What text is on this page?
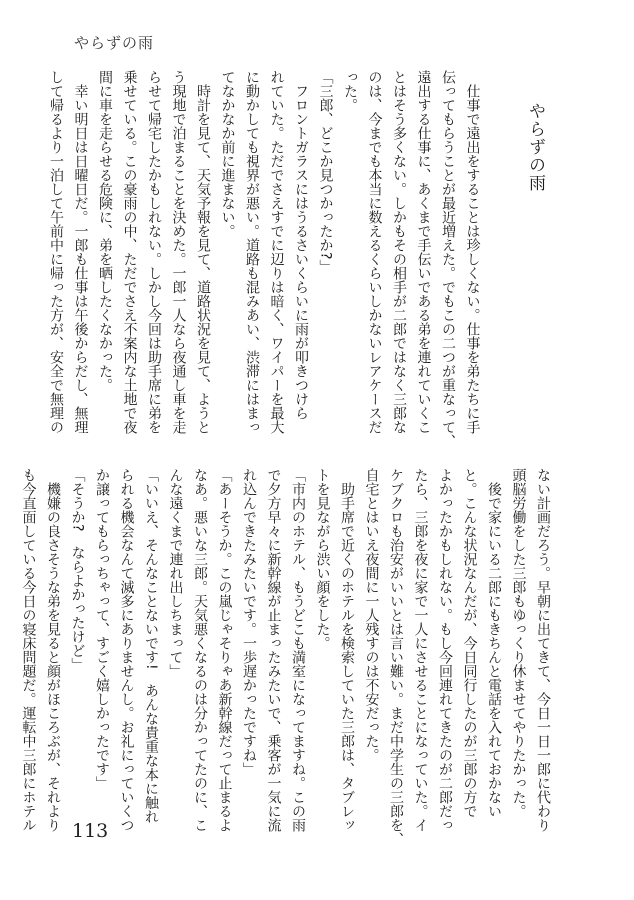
やらずの雨
やらずの雨
　仕事で遠出をすることは珍しくない。仕事を弟たちに手
伝ってもらうことが最近増えた。でもこの二つが重なって、
遠出する仕事に、あくまで手伝いである弟を連れていくこ
とはそう多くない。しかもその相手が二郎ではなく三郎な
のは、今までも本当に数えるくらいしかないレアケースだ
った。
「三郎、どこか見つかったか?」
　フロントガラスにはうるさいくらいに雨が叩きつけら
れていた。ただでさえすでに辺りは暗く、ワイパーを最大
に動かしても視界が悪い。道路も混みあい、渋滞にはまっ
てなかなか前に進まない。
　時計を見て、天気予報を見て、道路状況を見て、ようと
う現地で泊まることを決めた。一郎一人なら夜通し車を走
らせて帰宅したかもしれない。しかし今回は助手席に弟を
乗せている。この豪雨の中、ただでさえ不案内な土地で夜
間に車を走らせる危険に、弟を晒したくなかった。
　幸い明日は日曜日だ。一郎も仕事は午後からだし、無理
して帰るより一泊して午前中に帰った方が、安全で無理の
ない計画だろう。早朝に出てきて、今日一日一郎に代わり
頭脳労働をした三郎もゆっくり休ませてやりたかった。
　後で家にいる二郎にもきちんと電話を入れておかない
と。こんな状況なんだが、今日同行したのが三郎の方で
よかったかもしれない。もし今回連れてきたのが二郎だっ
たら、三郎を夜に家で一人にさせることになっていた。イ
ケブクロも治安がいいとは言い難い。まだ中学生の三郎を、
自宅とはいえ夜間に一人残すのは不安だった。
　助手席で近くのホテルを検索していた三郎は、タブレッ
トを見ながら渋い顔をした。
「市内のホテル、もうどこも満室になってますね。この雨
で夕方早々に新幹線が止まったみたいで、乗客が一気に流
れ込んできたみたいです。一歩遅かったですね」
「あーそうか。この嵐じゃそりゃあ新幹線だって止まるよ
なあ。悪いな三郎。天気悪くなるのは分かってたのに、こ
んな遠くまで連れ出しちまって」
「いいえ、そんなことないです!　あんな貴重な本に触れ
られる機会なんて滅多にありませんし。お礼にっていくつ
か譲ってもらっちゃって、すごく嬉しかったです」
「そうか?　ならよかったけど」
　機嫌の良さそうな弟を見ると顔がほころぶが、それより
も今直面している今日の寝床問題だ。運転中三郎にホテル 113
